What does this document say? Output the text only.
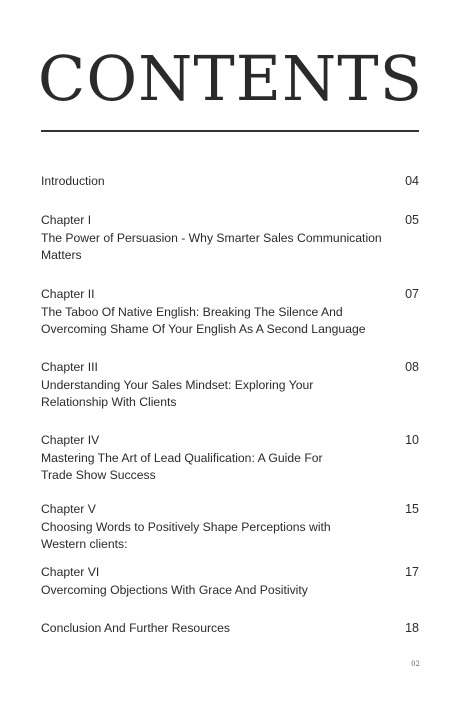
CONTENTS
Introduction	04
Chapter I
The Power of Persuasion - Why Smarter Sales Communication Matters
05
Chapter II
The Taboo Of Native English: Breaking The Silence And Overcoming Shame Of Your English As A Second Language
07
Chapter III
Understanding Your Sales Mindset: Exploring Your Relationship With Clients
08
Chapter IV
Mastering The Art of Lead Qualification: A Guide For Trade Show Success
10
Chapter V
Choosing Words to Positively Shape Perceptions with Western clients:
15
Chapter VI
Overcoming Objections With Grace And Positivity
17
Conclusion And Further Resources	18
02
